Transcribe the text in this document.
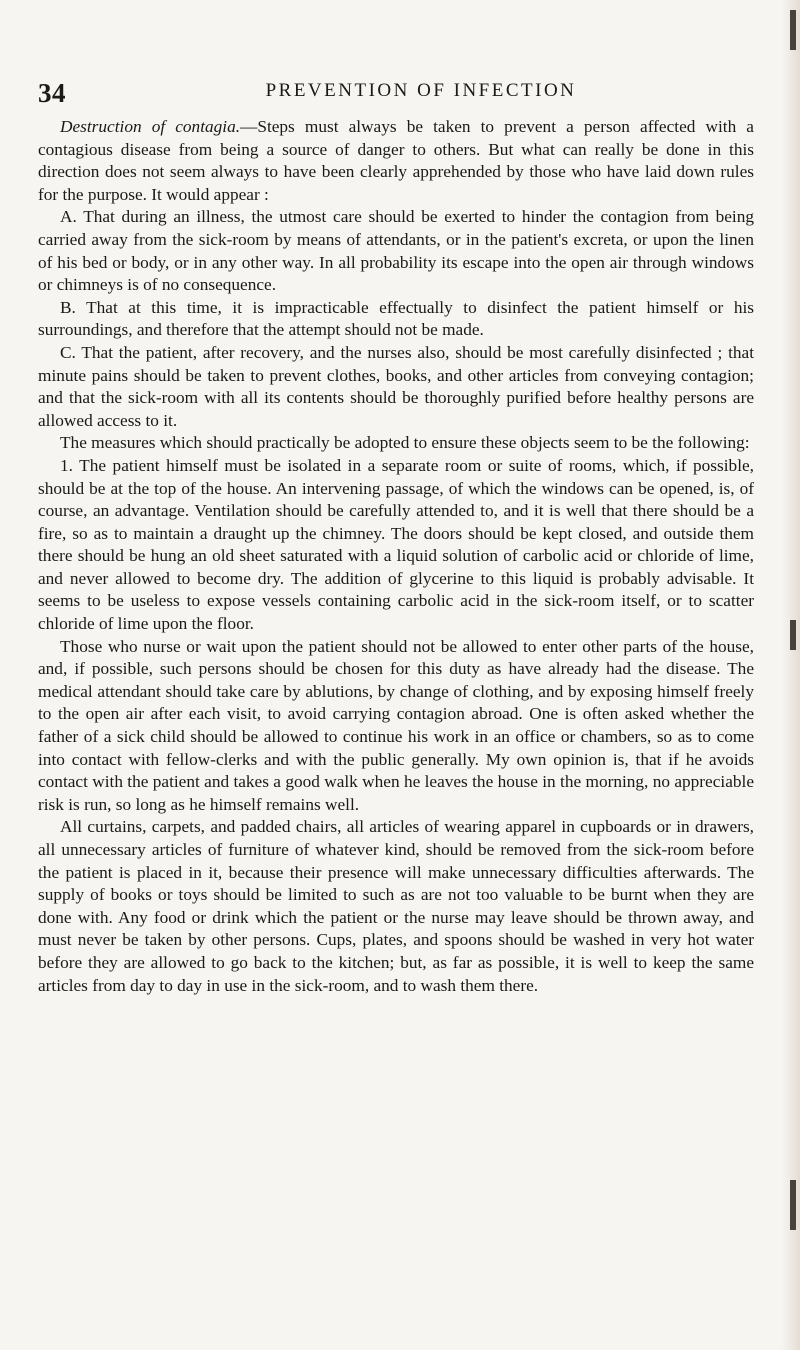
34	PREVENTION OF INFECTION

Destruction of contagia.—Steps must always be taken to prevent a person affected with a contagious disease from being a source of danger to others. But what can really be done in this direction does not seem always to have been clearly apprehended by those who have laid down rules for the purpose. It would appear :

A. That during an illness, the utmost care should be exerted to hinder the contagion from being carried away from the sick-room by means of attendants, or in the patient's excreta, or upon the linen of his bed or body, or in any other way. In all probability its escape into the open air through windows or chimneys is of no consequence.

B. That at this time, it is impracticable effectually to disinfect the patient himself or his surroundings, and therefore that the attempt should not be made.

C. That the patient, after recovery, and the nurses also, should be most carefully disinfected ; that minute pains should be taken to prevent clothes, books, and other articles from conveying contagion; and that the sick-room with all its contents should be thoroughly purified before healthy persons are allowed access to it.

The measures which should practically be adopted to ensure these objects seem to be the following:

1. The patient himself must be isolated in a separate room or suite of rooms, which, if possible, should be at the top of the house. An intervening passage, of which the windows can be opened, is, of course, an advantage. Ventilation should be carefully attended to, and it is well that there should be a fire, so as to maintain a draught up the chimney. The doors should be kept closed, and outside them there should be hung an old sheet saturated with a liquid solution of carbolic acid or chloride of lime, and never allowed to become dry. The addition of glycerine to this liquid is probably advisable. It seems to be useless to expose vessels containing carbolic acid in the sick-room itself, or to scatter chloride of lime upon the floor.

Those who nurse or wait upon the patient should not be allowed to enter other parts of the house, and, if possible, such persons should be chosen for this duty as have already had the disease. The medical attendant should take care by ablutions, by change of clothing, and by exposing himself freely to the open air after each visit, to avoid carrying contagion abroad. One is often asked whether the father of a sick child should be allowed to continue his work in an office or chambers, so as to come into contact with fellow-clerks and with the public generally. My own opinion is, that if he avoids contact with the patient and takes a good walk when he leaves the house in the morning, no appreciable risk is run, so long as he himself remains well.

All curtains, carpets, and padded chairs, all articles of wearing apparel in cupboards or in drawers, all unnecessary articles of furniture of whatever kind, should be removed from the sick-room before the patient is placed in it, because their presence will make unnecessary difficulties afterwards. The supply of books or toys should be limited to such as are not too valuable to be burnt when they are done with. Any food or drink which the patient or the nurse may leave should be thrown away, and must never be taken by other persons. Cups, plates, and spoons should be washed in very hot water before they are allowed to go back to the kitchen; but, as far as possible, it is well to keep the same articles from day to day in use in the sick-room, and to wash them there.
